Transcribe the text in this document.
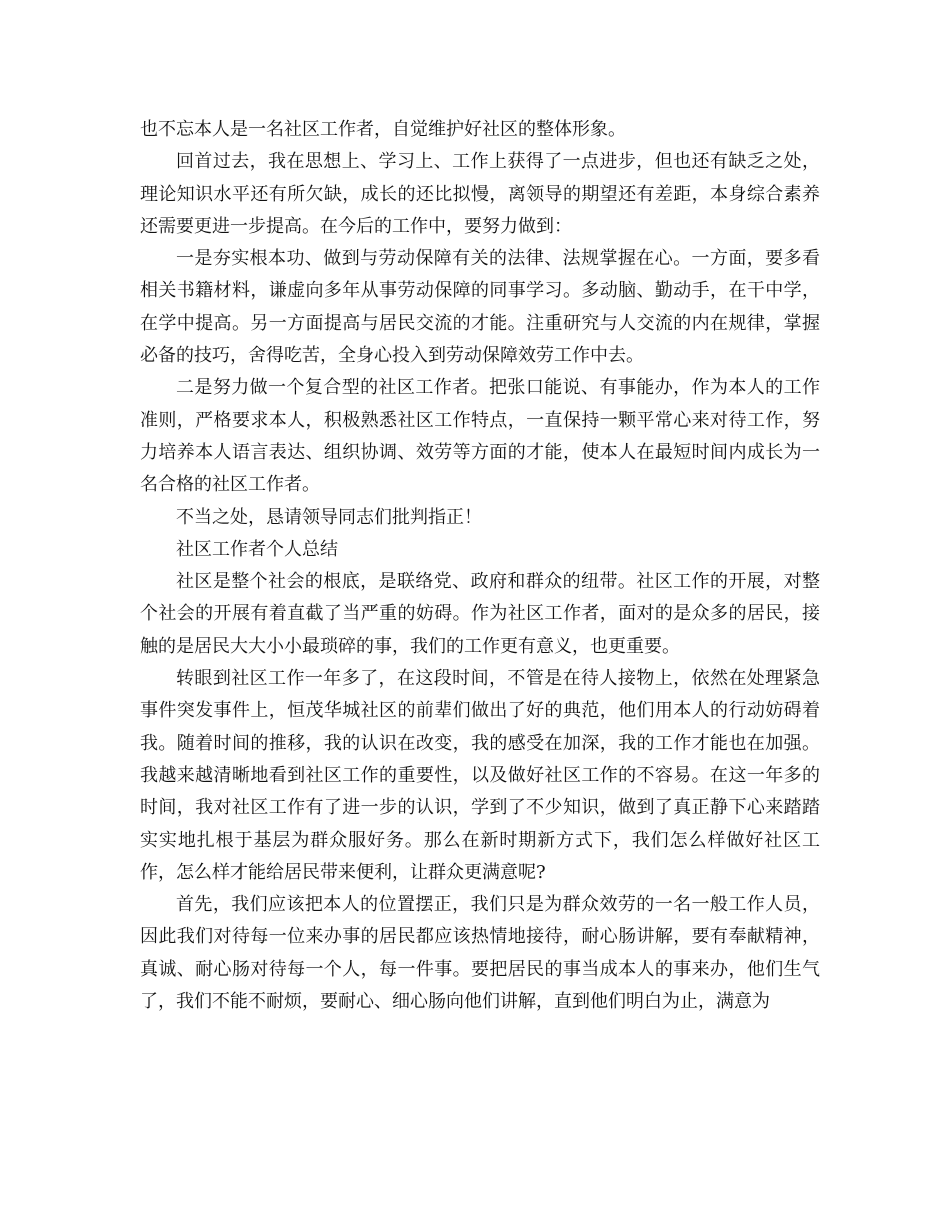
也不忘本人是一名社区工作者，自觉维护好社区的整体形象。

回首过去，我在思想上、学习上、工作上获得了一点进步，但也还有缺乏之处，理论知识水平还有所欠缺，成长的还比拟慢，离领导的期望还有差距，本身综合素养还需要更进一步提高。在今后的工作中，要努力做到：

一是夯实根本功、做到与劳动保障有关的法律、法规掌握在心。一方面，要多看相关书籍材料，谦虚向多年从事劳动保障的同事学习。多动脑、勤动手，在干中学，在学中提高。另一方面提高与居民交流的才能。注重研究与人交流的内在规律，掌握必备的技巧，舍得吃苦，全身心投入到劳动保障效劳工作中去。

二是努力做一个复合型的社区工作者。把张口能说、有事能办，作为本人的工作准则，严格要求本人，积极熟悉社区工作特点，一直保持一颗平常心来对待工作，努力培养本人语言表达、组织协调、效劳等方面的才能，使本人在最短时间内成长为一名合格的社区工作者。

不当之处，恳请领导同志们批判指正！

社区工作者个人总结

社区是整个社会的根底，是联络党、政府和群众的纽带。社区工作的开展，对整个社会的开展有着直截了当严重的妨碍。作为社区工作者，面对的是众多的居民，接触的是居民大大小小最琐碎的事，我们的工作更有意义，也更重要。

转眼到社区工作一年多了，在这段时间，不管是在待人接物上，依然在处理紧急事件突发事件上，恒茂华城社区的前辈们做出了好的典范，他们用本人的行动妨碍着我。随着时间的推移，我的认识在改变，我的感受在加深，我的工作才能也在加强。我越来越清晰地看到社区工作的重要性，以及做好社区工作的不容易。在这一年多的时间，我对社区工作有了进一步的认识，学到了不少知识，做到了真正静下心来踏踏实实地扎根于基层为群众服好务。那么在新时期新方式下，我们怎么样做好社区工作，怎么样才能给居民带来便利，让群众更满意呢?

首先，我们应该把本人的位置摆正，我们只是为群众效劳的一名一般工作人员，因此我们对待每一位来办事的居民都应该热情地接待，耐心肠讲解，要有奉献精神，真诚、耐心肠对待每一个人，每一件事。要把居民的事当成本人的事来办，他们生气了，我们不能不耐烦，要耐心、细心肠向他们讲解，直到他们明白为止，满意为
